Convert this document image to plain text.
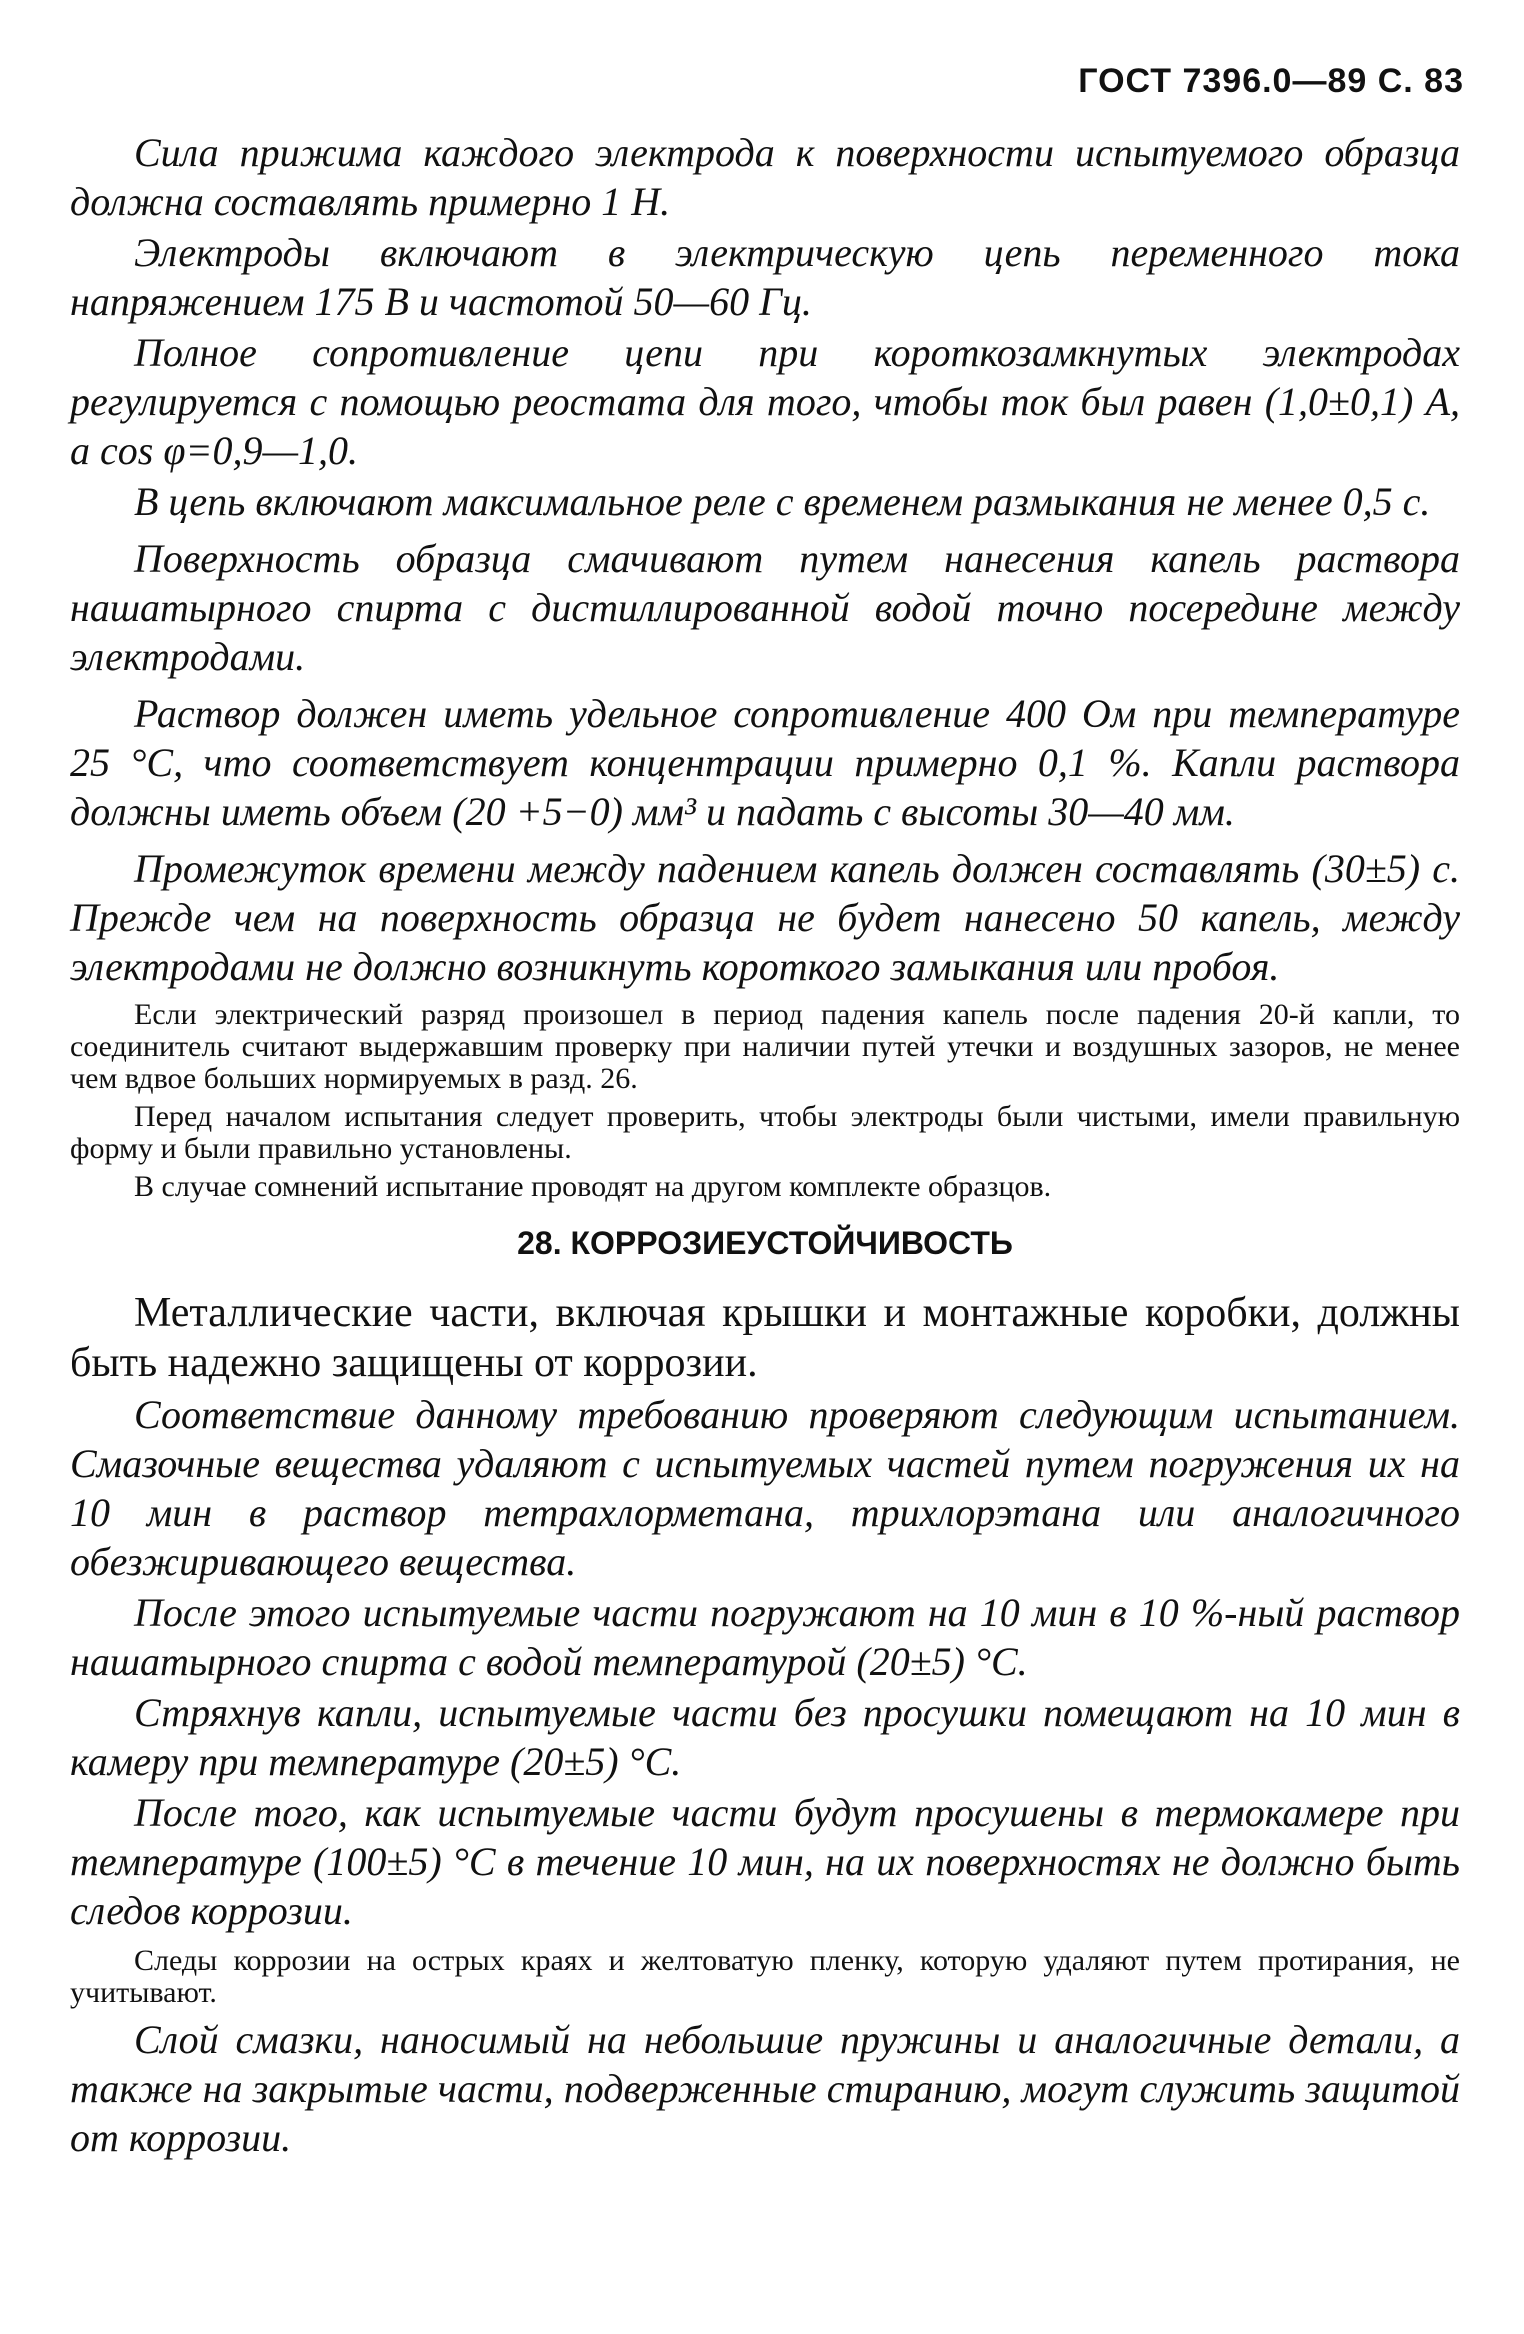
ГОСТ 7396.0—89 С. 83

Сила прижима каждого электрода к поверхности испытуемого образца должна составлять примерно 1 Н.

Электроды включают в электрическую цепь переменного тока напряжением 175 В и частотой 50—60 Гц.

Полное сопротивление цепи при короткозамкнутых электродах регулируется с помощью реостата для того, чтобы ток был равен (1,0±0,1) А, а cos φ=0,9—1,0.

В цепь включают максимальное реле с временем размыкания не менее 0,5 с.

Поверхность образца смачивают путем нанесения капель раствора нашатырного спирта с дистиллированной водой точно посередине между электродами.

Раствор должен иметь удельное сопротивление 400 Ом при температуре 25 °С, что соответствует концентрации примерно 0,1 %. Капли раствора должны иметь объем (20 +5−0) мм³ и падать с высоты 30—40 мм.

Промежуток времени между падением капель должен составлять (30±5) с. Прежде чем на поверхность образца не будет нанесено 50 капель, между электродами не должно возникнуть короткого замыкания или пробоя.

Если электрический разряд произошел в период падения капель после падения 20-й капли, то соединитель считают выдержавшим проверку при наличии путей утечки и воздушных зазоров, не менее чем вдвое больших нормируемых в разд. 26.

Перед началом испытания следует проверить, чтобы электроды были чистыми, имели правильную форму и были правильно установлены.

В случае сомнений испытание проводят на другом комплекте образцов.

28. КОРРОЗИЕУСТОЙЧИВОСТЬ

Металлические части, включая крышки и монтажные коробки, должны быть надежно защищены от коррозии.

Соответствие данному требованию проверяют следующим испытанием. Смазочные вещества удаляют с испытуемых частей путем погружения их на 10 мин в раствор тетрахлорметана, трихлорэтана или аналогичного обезжиривающего вещества.

После этого испытуемые части погружают на 10 мин в 10 %-ный раствор нашатырного спирта с водой температурой (20±5) °С.

Стряхнув капли, испытуемые части без просушки помещают на 10 мин в камеру при температуре (20±5) °С.

После того, как испытуемые части будут просушены в термокамере при температуре (100±5) °С в течение 10 мин, на их поверхностях не должно быть следов коррозии.

Следы коррозии на острых краях и желтоватую пленку, которую удаляют путем протирания, не учитывают.

Слой смазки, наносимый на небольшие пружины и аналогичные детали, а также на закрытые части, подверженные стиранию, могут служить защитой от коррозии.
